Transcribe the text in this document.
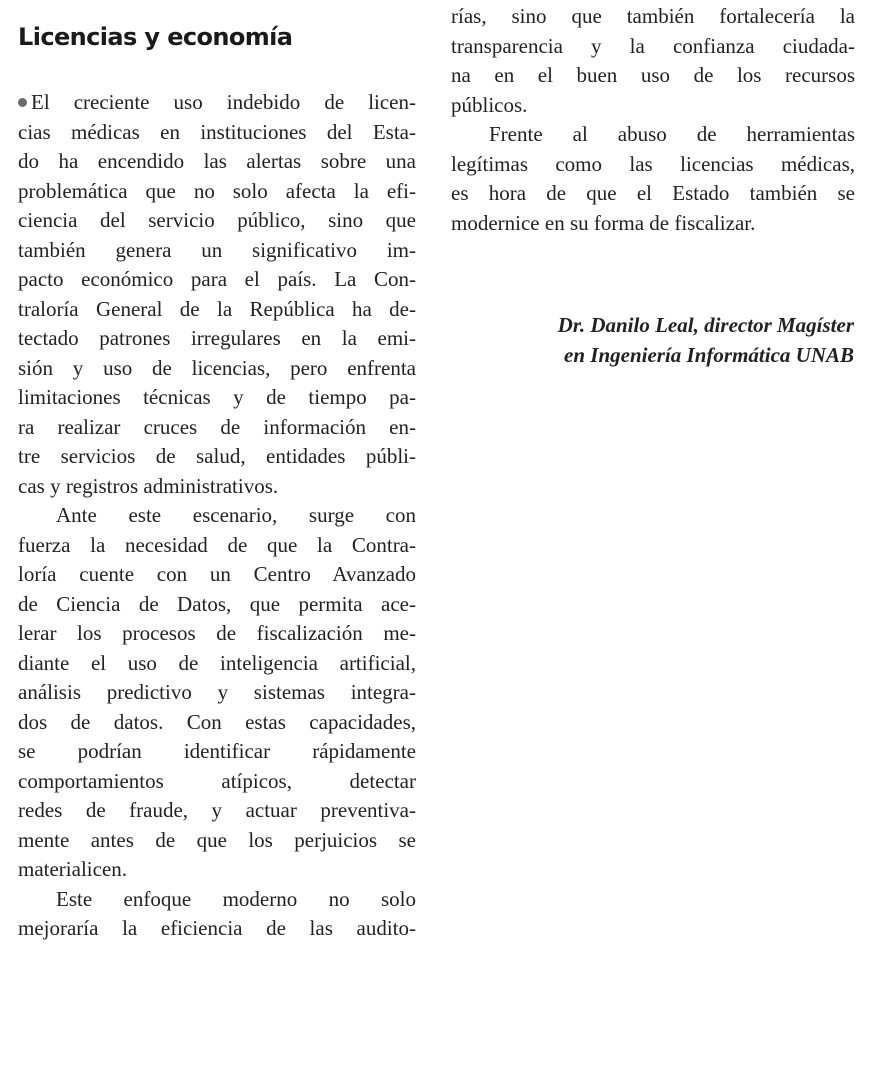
Licencias y economía
El creciente uso indebido de licen-
cias médicas en instituciones del Esta-
do ha encendido las alertas sobre una
problemática que no solo afecta la efi-
ciencia del servicio público, sino que
también genera un significativo im-
pacto económico para el país. La Con-
traloría General de la República ha de-
tectado patrones irregulares en la emi-
sión y uso de licencias, pero enfrenta
limitaciones técnicas y de tiempo pa-
ra realizar cruces de información en-
tre servicios de salud, entidades públi-
cas y registros administrativos.
Ante este escenario, surge con
fuerza la necesidad de que la Contra-
loría cuente con un Centro Avanzado
de Ciencia de Datos, que permita ace-
lerar los procesos de fiscalización me-
diante el uso de inteligencia artificial,
análisis predictivo y sistemas integra-
dos de datos. Con estas capacidades,
se podrían identificar rápidamente
comportamientos atípicos, detectar
redes de fraude, y actuar preventiva-
mente antes de que los perjuicios se
materialicen.
Este enfoque moderno no solo
mejoraría la eficiencia de las audito-
rías, sino que también fortalecería la
transparencia y la confianza ciudada-
na en el buen uso de los recursos
públicos.
Frente al abuso de herramientas
legítimas como las licencias médicas,
es hora de que el Estado también se
modernice en su forma de fiscalizar.
Dr. Danilo Leal, director Magíster
en Ingeniería Informática UNAB
